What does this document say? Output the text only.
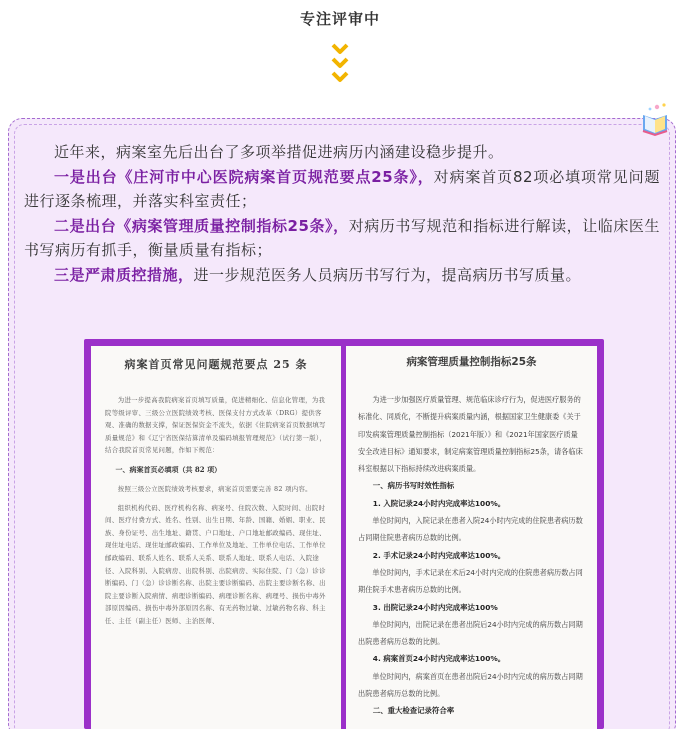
专注评审中

近年来，病案室先后出台了多项举措促进病历内涵建设稳步提升。

一是出台《庄河市中心医院病案首页规范要点25条》，对病案首页82项必填项常见问题进行逐条梳理，并落实科室责任；

二是出台《病案管理质量控制指标25条》，对病历书写规范和指标进行解读，让临床医生书写病历有抓手，衡量质量有指标；

三是严肃质控措施，进一步规范医务人员病历书写行为，提高病历书写质量。

病案首页常见问题规范要点 25 条
为进一步提高我院病案首页填写质量，促进精细化、信息化管理，为我院等级评审、三级公立医院绩效考核、医保支付方式改革（DRG）提供客观、准确的数据支撑，保证医保资金不流失，依据《住院病案首页数据填写质量规范》和《辽宁省医保结算清单及编码填报管理规范》（试行第一版），结合我院首页常见问题，作如下规范：
一、病案首页必填项（共 82 项）
按照三级公立医院绩效考核要求，病案首页需要完善 82 项内容。
组织机构代码、医疗机构名称、病案号、住院次数、入院时间、出院时间、医疗付费方式、姓名、性别、出生日期、年龄、国籍、婚姻、职业、民族、身份证号、出生地址、籍贯、户口地址、户口地址邮政编码、现住址、现住址电话、现住址邮政编码、工作单位及地址、工作单位电话、工作单位邮政编码、联系人姓名、联系人关系、联系人地址、联系人电话、入院途径、入院科别、入院病房、出院科别、出院病房、实际住院、门（急）诊诊断编码、门（急）诊诊断名称、出院主要诊断编码、出院主要诊断名称、出院主要诊断入院病情、病理诊断编码、病理诊断名称、病理号、损伤中毒外部原因编码、损伤中毒外部原因名称、有无药物过敏、过敏药物名称、科主任、主任（副主任）医师、主治医师、
病案管理质量控制指标25条
为进一步加强医疗质量管理、规范临床诊疗行为，促进医疗服务的标准化、同质化，不断提升病案质量内涵，根据国家卫生健康委《关于印发病案管理质量控制指标（2021年版）》和《2021年国家医疗质量安全改进目标》通知要求，制定病案管理质量控制指标25条，请各临床科室根据以下指标持续改进病案质量。
一、病历书写时效性指标
1. 入院记录24小时内完成率达100%。
单位时间内，入院记录在患者入院24小时内完成的住院患者病历数占同期住院患者病历总数的比例。
2. 手术记录24小时内完成率达100%。
单位时间内，手术记录在术后24小时内完成的住院患者病历数占同期住院手术患者病历总数的比例。
3. 出院记录24小时内完成率达100%
单位时间内，出院记录在患者出院后24小时内完成的病历数占同期出院患者病历总数的比例。
4. 病案首页24小时内完成率达100%。
单位时间内，病案首页在患者出院后24小时内完成的病历数占同期出院患者病历总数的比例。
二、重大检查记录符合率
